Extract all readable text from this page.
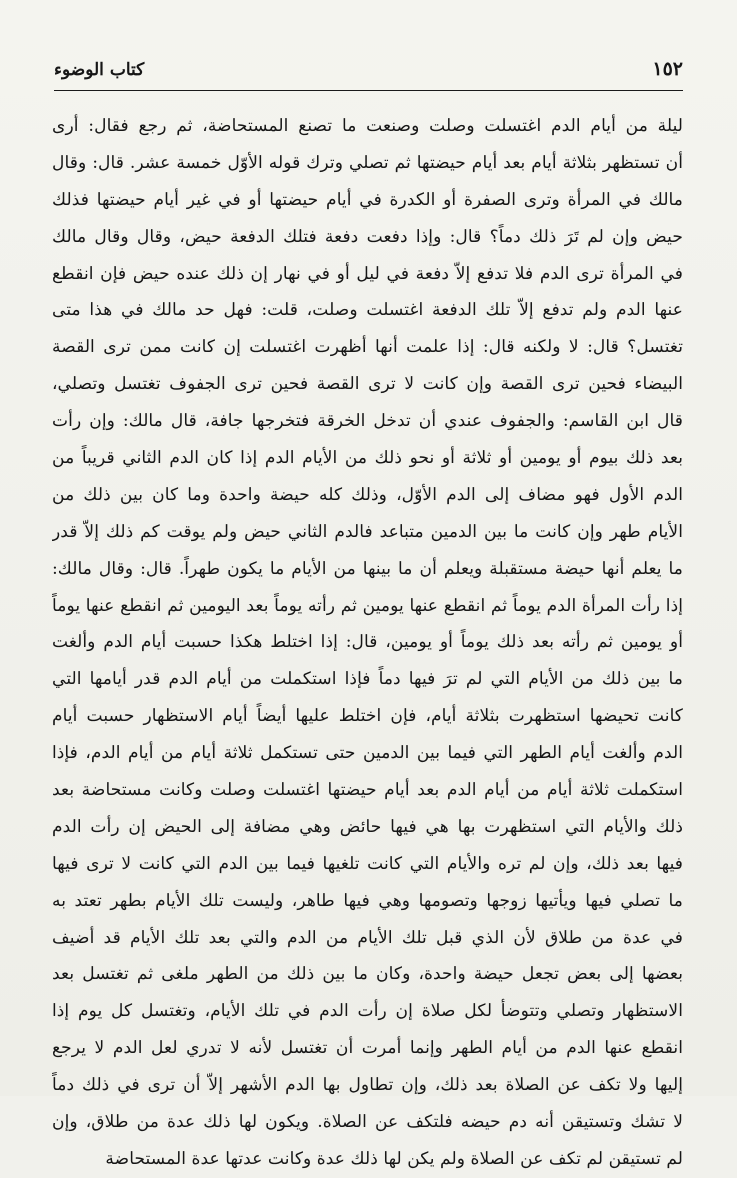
١٥٢
كتاب الوضوء
ليلة من أيام الدم اغتسلت وصلت وصنعت ما تصنع المستحاضة، ثم رجع فقال: أرى
أن تستظهر بثلاثة أيام بعد أيام حيضتها ثم تصلي وترك قوله الأوّل خمسة عشر. قال: وقال
مالك في المرأة وترى الصفرة أو الكدرة في أيام حيضتها أو في غير أيام حيضتها فذلك
حيض وإن لم تَرَ ذلك دماً؟ قال: وإذا دفعت دفعة فتلك الدفعة حيض، وقال وقال مالك
في المرأة ترى الدم فلا تدفع إلاّ دفعة في ليل أو في نهار إن ذلك عنده حيض فإن انقطع
عنها الدم ولم تدفع إلاّ تلك الدفعة اغتسلت وصلت، قلت: فهل حد مالك في هذا متى
تغتسل؟ قال: لا ولكنه قال: إذا علمت أنها أظهرت اغتسلت إن كانت ممن ترى القصة
البيضاء فحين ترى القصة وإن كانت لا ترى القصة فحين ترى الجفوف تغتسل وتصلي،
قال ابن القاسم: والجفوف عندي أن تدخل الخرقة فتخرجها جافة، قال مالك: وإن رأت
بعد ذلك بيوم أو يومين أو ثلاثة أو نحو ذلك من الأيام الدم إذا كان الدم الثاني قريباً من
الدم الأول فهو مضاف إلى الدم الأوّل، وذلك كله حيضة واحدة وما كان بين ذلك من
الأيام طهر وإن كانت ما بين الدمين متباعد فالدم الثاني حيض ولم يوقت كم ذلك إلاّ قدر
ما يعلم أنها حيضة مستقبلة ويعلم أن ما بينها من الأيام ما يكون طهراً. قال: وقال مالك:
إذا رأت المرأة الدم يوماً ثم انقطع عنها يومين ثم رأته يوماً بعد اليومين ثم انقطع عنها يوماً
أو يومين ثم رأته بعد ذلك يوماً أو يومين، قال: إذا اختلط هكذا حسبت أيام الدم وألغت
ما بين ذلك من الأيام التي لم ترَ فيها دماً فإذا استكملت من أيام الدم قدر أيامها التي
كانت تحيضها استظهرت بثلاثة أيام، فإن اختلط عليها أيضاً أيام الاستظهار حسبت أيام
الدم وألغت أيام الطهر التي فيما بين الدمين حتى تستكمل ثلاثة أيام من أيام الدم، فإذا
استكملت ثلاثة أيام من أيام الدم بعد أيام حيضتها اغتسلت وصلت وكانت مستحاضة بعد
ذلك والأيام التي استظهرت بها هي فيها حائض وهي مضافة إلى الحيض إن رأت الدم
فيها بعد ذلك، وإن لم تره والأيام التي كانت تلغيها فيما بين الدم التي كانت لا ترى فيها
ما تصلي فيها ويأتيها زوجها وتصومها وهي فيها طاهر، وليست تلك الأيام بطهر تعتد به
في عدة من طلاق لأن الذي قبل تلك الأيام من الدم والتي بعد تلك الأيام قد أضيف
بعضها إلى بعض تجعل حيضة واحدة، وكان ما بين ذلك من الطهر ملغى ثم تغتسل بعد
الاستظهار وتصلي وتتوضأ لكل صلاة إن رأت الدم في تلك الأيام، وتغتسل كل يوم إذا
انقطع عنها الدم من أيام الطهر وإنما أمرت أن تغتسل لأنه لا تدري لعل الدم لا يرجع
إليها ولا تكف عن الصلاة بعد ذلك، وإن تطاول بها الدم الأشهر إلاّ أن ترى في ذلك دماً
لا تشك وتستيقن أنه دم حيضه فلتكف عن الصلاة. ويكون لها ذلك عدة من طلاق، وإن
لم تستيقن لم تكف عن الصلاة ولم يكن لها ذلك عدة وكانت عدتها عدة المستحاضة
